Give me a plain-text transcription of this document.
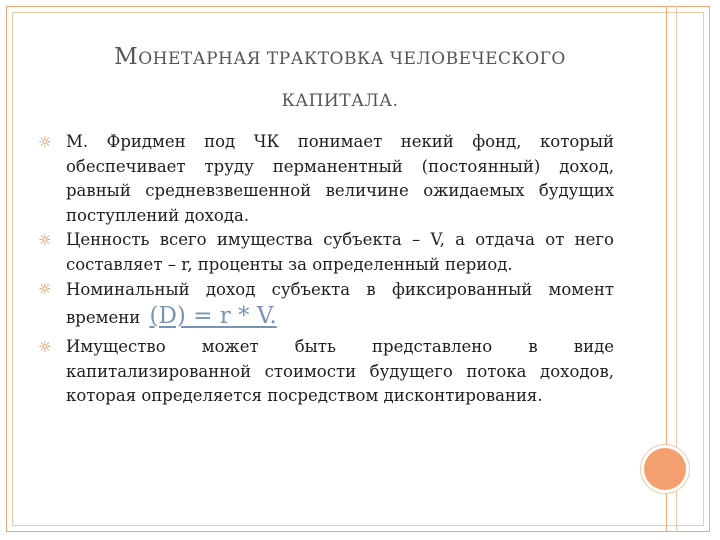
МОНЕТАРНАЯ ТРАКТОВКА ЧЕЛОВЕЧЕСКОГО
КАПИТАЛА.
☼ М. Фридмен под ЧК понимает некий фонд, который обеспечивает труду перманентный (постоянный) доход, равный средневзвешенной величине ожидаемых будущих поступлений дохода.
☼ Ценность всего имущества субъекта – V, а отдача от него составляет – r, проценты за определенный период.
☼ Номинальный доход субъекта в фиксированный момент времени (D) = r * V.
☼ Имущество может быть представлено в виде капитализированной стоимости будущего потока доходов, которая определяется посредством дисконтирования.
